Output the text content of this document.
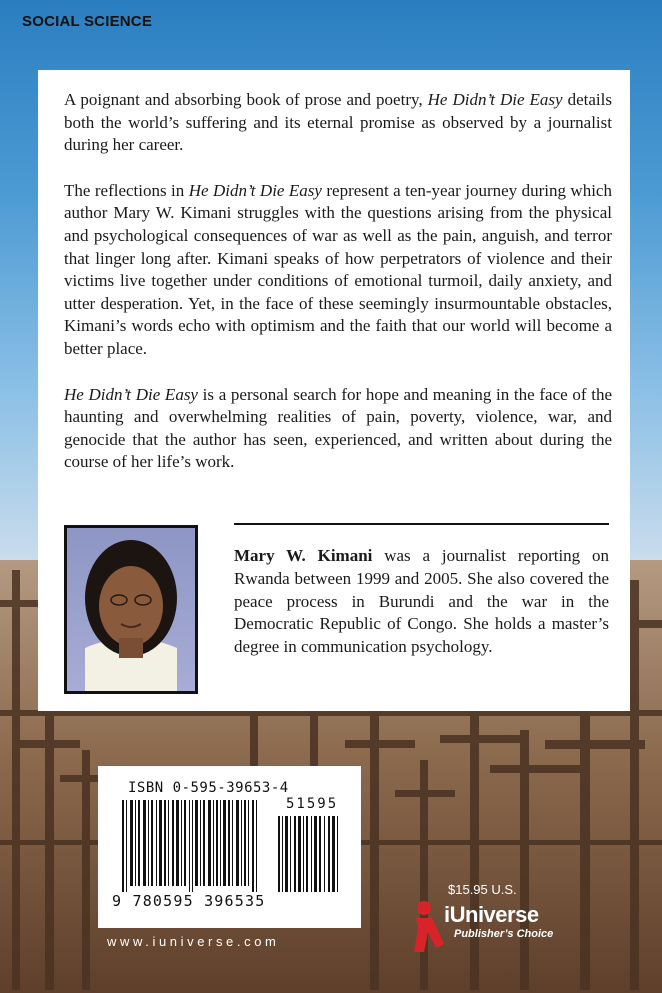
SOCIAL SCIENCE

A poignant and absorbing book of prose and poetry, He Didn’t Die Easy details both the world’s suffering and its eternal promise as observed by a journalist during her career.

The reflections in He Didn’t Die Easy represent a ten-year journey during which author Mary W. Kimani struggles with the questions arising from the physical and psychological consequences of war as well as the pain, anguish, and terror that linger long after. Kimani speaks of how perpetrators of violence and their victims live together under conditions of emotional turmoil, daily anxiety, and utter desperation. Yet, in the face of these seemingly insurmountable obstacles, Kimani’s words echo with optimism and the faith that our world will become a better place.

He Didn’t Die Easy is a personal search for hope and meaning in the face of the haunting and overwhelming realities of pain, poverty, violence, war, and genocide that the author has seen, experienced, and written about during the course of her life’s work.

Mary W. Kimani was a journalist reporting on Rwanda between 1999 and 2005. She also covered the peace process in Burundi and the war in the Democratic Republic of Congo. She holds a master’s degree in communication psychology.
ISBN 0-595-39653-4
51595
9 780595 396535
www.iuniverse.com
$15.95 U.S.
iUniverse
Publisher’s Choice
